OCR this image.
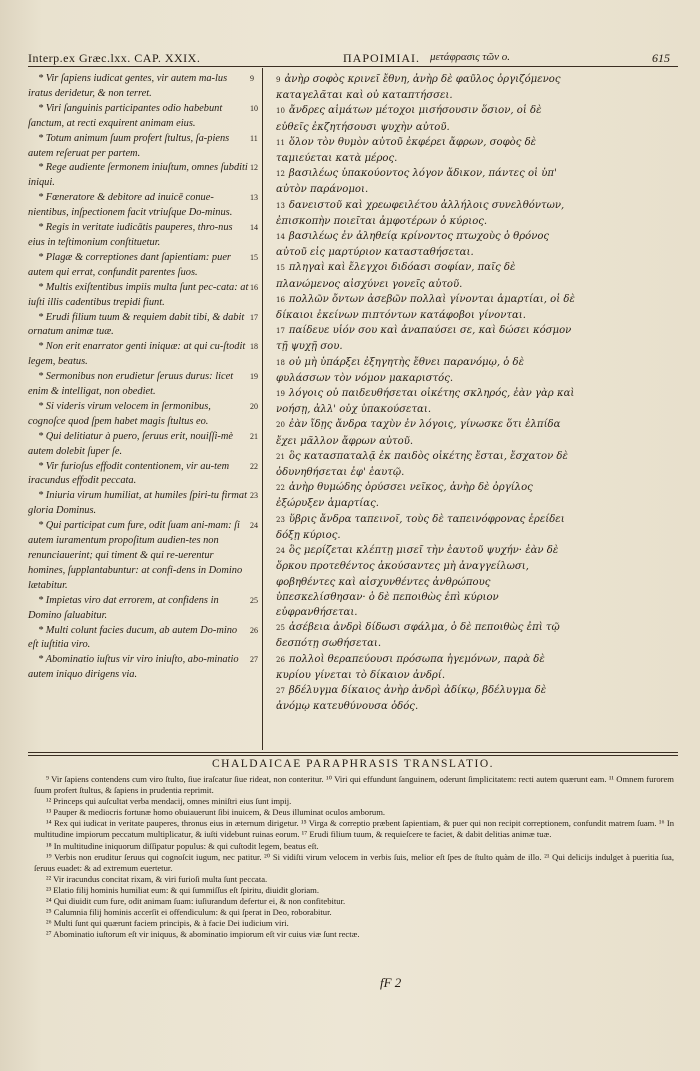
Interp.ex Græc.lxx. CAP. XXIX.	ΠΑΡΟΙΜΙΑΙ. μετάφρασις τῶν ο.	615

* Vir ſapiens iudicat gentes, vir autem ma-lus iratus deridetur, & non terret.

* Viri ſanguinis participantes odio habebunt ſanctum, at recti exquirent animam eius.

* Totum animum ſuum profert ſtultus, ſa-piens autem reſeruat per partem.

* Rege audiente ſermonem iniuſtum, omnes ſubditi iniqui.

* Fœneratore & debitore ad inuicē conue-nientibus, inſpectionem facit vtriuſque Do-minus.

* Regis in veritate iudicātis pauperes, thro-nus eius in teſtimonium conſtituetur.

* Plagæ & correptiones dant ſapientiam: puer autem qui errat, confundit parentes ſuos.

* Multis exiſtentibus impiis multa ſunt pec-cata: at iuſti illis cadentibus trepidi fiunt.

* Erudi filium tuum & requiem dabit tibi, & dabit ornatum animæ tuæ.

* Non erit enarrator genti iniquæ: at qui cu-ſtodit legem, beatus.

* Sermonibus non erudietur ſeruus durus: licet enim & intelligat, non obediet.

* Si videris virum velocem in ſermonibus, cognoſce quod ſpem habet magis ſtultus eo.

* Qui delitiatur à puero, ſeruus erit, nouiſſi-mè autem dolebit ſuper ſe.

* Vir furioſus effodit contentionem, vir au-tem iracundus effodit peccata.

* Iniuria virum humiliat, at humiles ſpiri-tu firmat gloria Dominus.

* Qui participat cum fure, odit ſuam ani-mam: ſi autem iuramentum propoſitum audien-tes non renunciauerint; qui timent & qui re-uerentur homines, ſupplantabuntur: at confi-dens in Domino lætabitur.

* Impietas viro dat errorem, at confidens in Domino ſaluabitur.

* Multi colunt facies ducum, ab autem Do-mino eſt iuſtitia viro.

* Abominatio iuſtus vir viro iniuſto, abo-minatio autem iniquo dirigens via.

9
10
11
12
13
14
15
16
17
18
19
20
21
22
23
24
25
26
27

9 ἀνὴρ σοφὸς κρινεῖ ἔθνη, ἀνὴρ δὲ φαῦλος ὀργιζόμενος καταγελᾶται καὶ οὐ καταπτήσσει.

10 ἄνδρες αἱμάτων μέτοχοι μισήσουσιν ὅσιον, οἱ δὲ εὐθεῖς ἐκζητήσουσι ψυχὴν αὐτοῦ.

11 ὅλον τὸν θυμὸν αὐτοῦ ἐκφέρει ἄφρων, σοφὸς δὲ ταμιεύεται κατὰ μέρος.

12 βασιλέως ὑπακούοντος λόγον ἄδικον, πάντες οἱ ὑπ' αὐτὸν παράνομοι.

13 δανειστοῦ καὶ χρεωφειλέτου ἀλλήλοις συνελθόντων, ἐπισκοπὴν ποιεῖται ἀμφοτέρων ὁ κύριος.

14 βασιλέως ἐν ἀληθείᾳ κρίνοντος πτωχοὺς ὁ θρόνος αὐτοῦ εἰς μαρτύριον κατασταθήσεται.

15 πληγαὶ καὶ ἔλεγχοι διδόασι σοφίαν, παῖς δὲ πλανώμενος αἰσχύνει γονεῖς αὐτοῦ.

16 πολλῶν ὄντων ἀσεβῶν πολλαὶ γίνονται ἁμαρτίαι, οἱ δὲ δίκαιοι ἐκείνων πιπτόντων κατάφοβοι γίνονται.

17 παίδευε υἱόν σου καὶ ἀναπαύσει σε, καὶ δώσει κόσμον τῇ ψυχῇ σου.

18 οὐ μὴ ὑπάρξει ἐξηγητὴς ἔθνει παρανόμῳ, ὁ δὲ φυλάσσων τὸν νόμον μακαριστός.

19 λόγοις οὐ παιδευθήσεται οἰκέτης σκληρός, ἐὰν γὰρ καὶ νοήσῃ, ἀλλ' οὐχ ὑπακούσεται.

20 ἐὰν ἴδῃς ἄνδρα ταχὺν ἐν λόγοις, γίνωσκε ὅτι ἐλπίδα ἔχει μᾶλλον ἄφρων αὐτοῦ.

21 ὃς κατασπαταλᾷ ἐκ παιδὸς οἰκέτης ἔσται, ἔσχατον δὲ ὀδυνηθήσεται ἐφ' ἑαυτῷ.

22 ἀνὴρ θυμώδης ὀρύσσει νεῖκος, ἀνὴρ δὲ ὀργίλος ἐξώρυξεν ἁμαρτίας.

23 ὕβρις ἄνδρα ταπεινοῖ, τοὺς δὲ ταπεινόφρονας ἐρείδει δόξῃ κύριος.

24 ὃς μερίζεται κλέπτῃ μισεῖ τὴν ἑαυτοῦ ψυχήν· ἐὰν δὲ ὅρκου προτεθέντος ἀκούσαντες μὴ ἀναγγείλωσι, φοβηθέντες καὶ αἰσχυνθέντες ἀνθρώπους ὑπεσκελίσθησαν· ὁ δὲ πεποιθὼς ἐπὶ κύριον εὐφρανθήσεται.

25 ἀσέβεια ἀνδρὶ δίδωσι σφάλμα, ὁ δὲ πεποιθὼς ἐπὶ τῷ δεσπότῃ σωθήσεται.

26 πολλοὶ θεραπεύουσι πρόσωπα ἡγεμόνων, παρὰ δὲ κυρίου γίνεται τὸ δίκαιον ἀνδρί.

27 βδέλυγμα δίκαιος ἀνὴρ ἀνδρὶ ἀδίκῳ, βδέλυγμα δὲ ἀνόμῳ κατευθύνουσα ὁδός.

CHALDAICAE PARAPHRASIS TRANSLATIO.

⁹ Vir ſapiens contendens cum viro ſtulto, ſiue iraſcatur ſiue rideat, non conteritur. ¹⁰ Viri qui effundunt ſanguinem, oderunt ſimplicitatem: recti autem quærunt eam. ¹¹ Omnem furorem ſuum profert ſtultus, & ſapiens in prudentia reprimit.

¹² Princeps qui auſcultat verba mendacij, omnes miniſtri eius ſunt impij.

¹³ Pauper & mediocris fortunæ homo obuiauerunt ſibi inuicem, & Deus illuminat oculos amborum.

¹⁴ Rex qui iudicat in veritate pauperes, thronus eius in æternum dirigetur. ¹⁵ Virga & correptio præbent ſapientiam, & puer qui non recipit correptionem, confundit matrem ſuam. ¹⁶ In multitudine impiorum peccatum multiplicatur, & iuſti videbunt ruinas eorum. ¹⁷ Erudi filium tuum, & requieſcere te faciet, & dabit delitias animæ tuæ.

¹⁸ In multitudine iniquorum diſſipatur populus: & qui cuſtodit legem, beatus eſt.

¹⁹ Verbis non eruditur ſeruus qui cognoſcit iugum, nec patitur. ²⁰ Si vidiſti virum velocem in verbis ſuis, melior eſt ſpes de ſtulto quàm de illo. ²¹ Qui delicijs indulget à pueritia ſua, ſeruus euadet: & ad extremum euertetur.

²² Vir iracundus concitat rixam, & viri furioſi multa ſunt peccata.

²³ Elatio filij hominis humiliat eum: & qui ſummiſſus eſt ſpiritu, diuidit gloriam.

²⁴ Qui diuidit cum fure, odit animam ſuam: iuſiurandum defertur ei, & non confitebitur.

²⁵ Calumnia filij hominis accerſit ei offendiculum: & qui ſperat in Deo, roborabitur.

²⁶ Multi ſunt qui quærunt faciem principis, & à facie Dei iudicium viri.

²⁷ Abominatio iuſtorum eſt vir iniquus, & abominatio impiorum eſt vir cuius viæ ſunt rectæ.

fF 2
